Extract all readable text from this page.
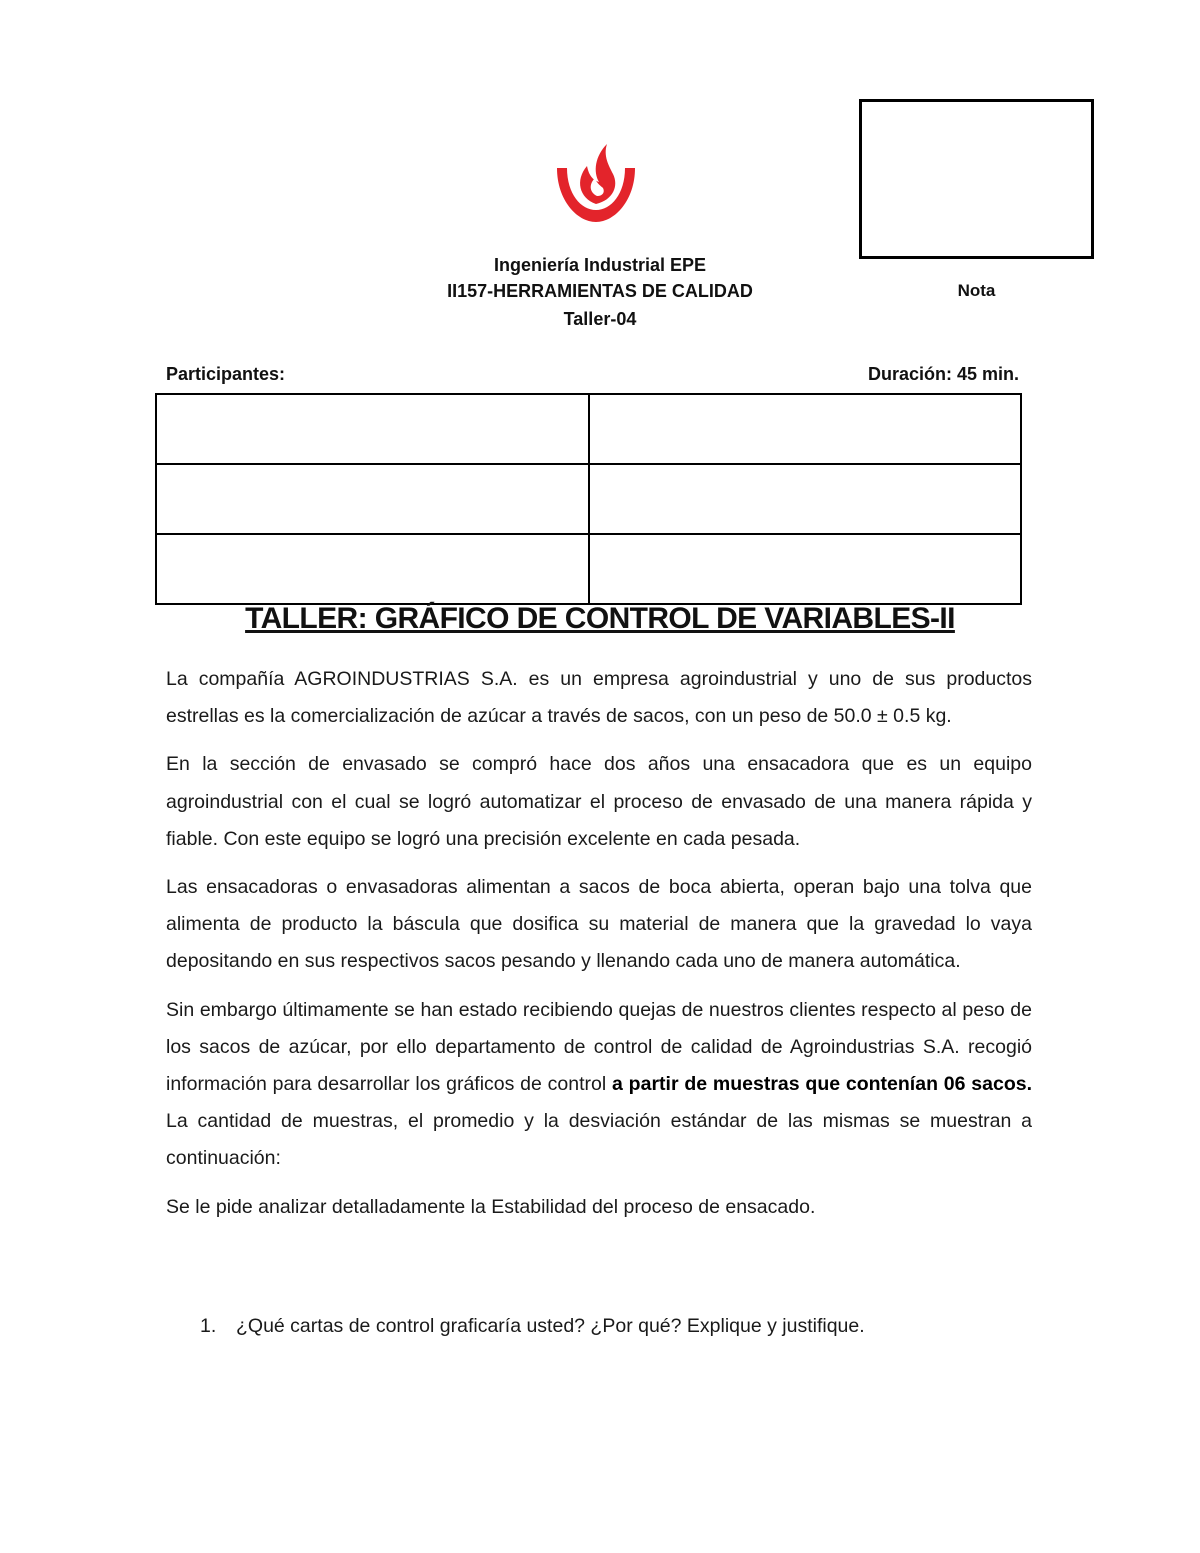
Nota
Ingeniería Industrial EPE
II157-HERRAMIENTAS DE CALIDAD
Taller-04
Participantes:	Duración: 45 min.

TALLER: GRÁFICO DE CONTROL DE VARIABLES-II

La compañía AGROINDUSTRIAS S.A. es un empresa agroindustrial y uno de sus productos estrellas es la comercialización de azúcar a través de sacos, con un peso de 50.0 ± 0.5 kg.

En la sección de envasado se compró hace dos años una ensacadora que es un equipo agroindustrial con el cual se logró automatizar el proceso de envasado de una manera rápida y fiable. Con este equipo se logró una precisión excelente en cada pesada.

Las ensacadoras o envasadoras alimentan a sacos de boca abierta, operan bajo una tolva que alimenta de producto la báscula que dosifica su material de manera que la gravedad lo vaya depositando en sus respectivos sacos pesando y llenando cada uno de manera automática.

Sin embargo últimamente se han estado recibiendo quejas de nuestros clientes respecto al peso de los sacos de azúcar, por ello departamento de control de calidad de Agroindustrias S.A. recogió información para desarrollar los gráficos de control a partir de muestras que contenían 06 sacos. La cantidad de muestras, el promedio y la desviación estándar de las mismas se muestran a continuación:

Se le pide analizar detalladamente la Estabilidad del proceso de ensacado.

1. ¿Qué cartas de control graficaría usted? ¿Por qué? Explique y justifique.
